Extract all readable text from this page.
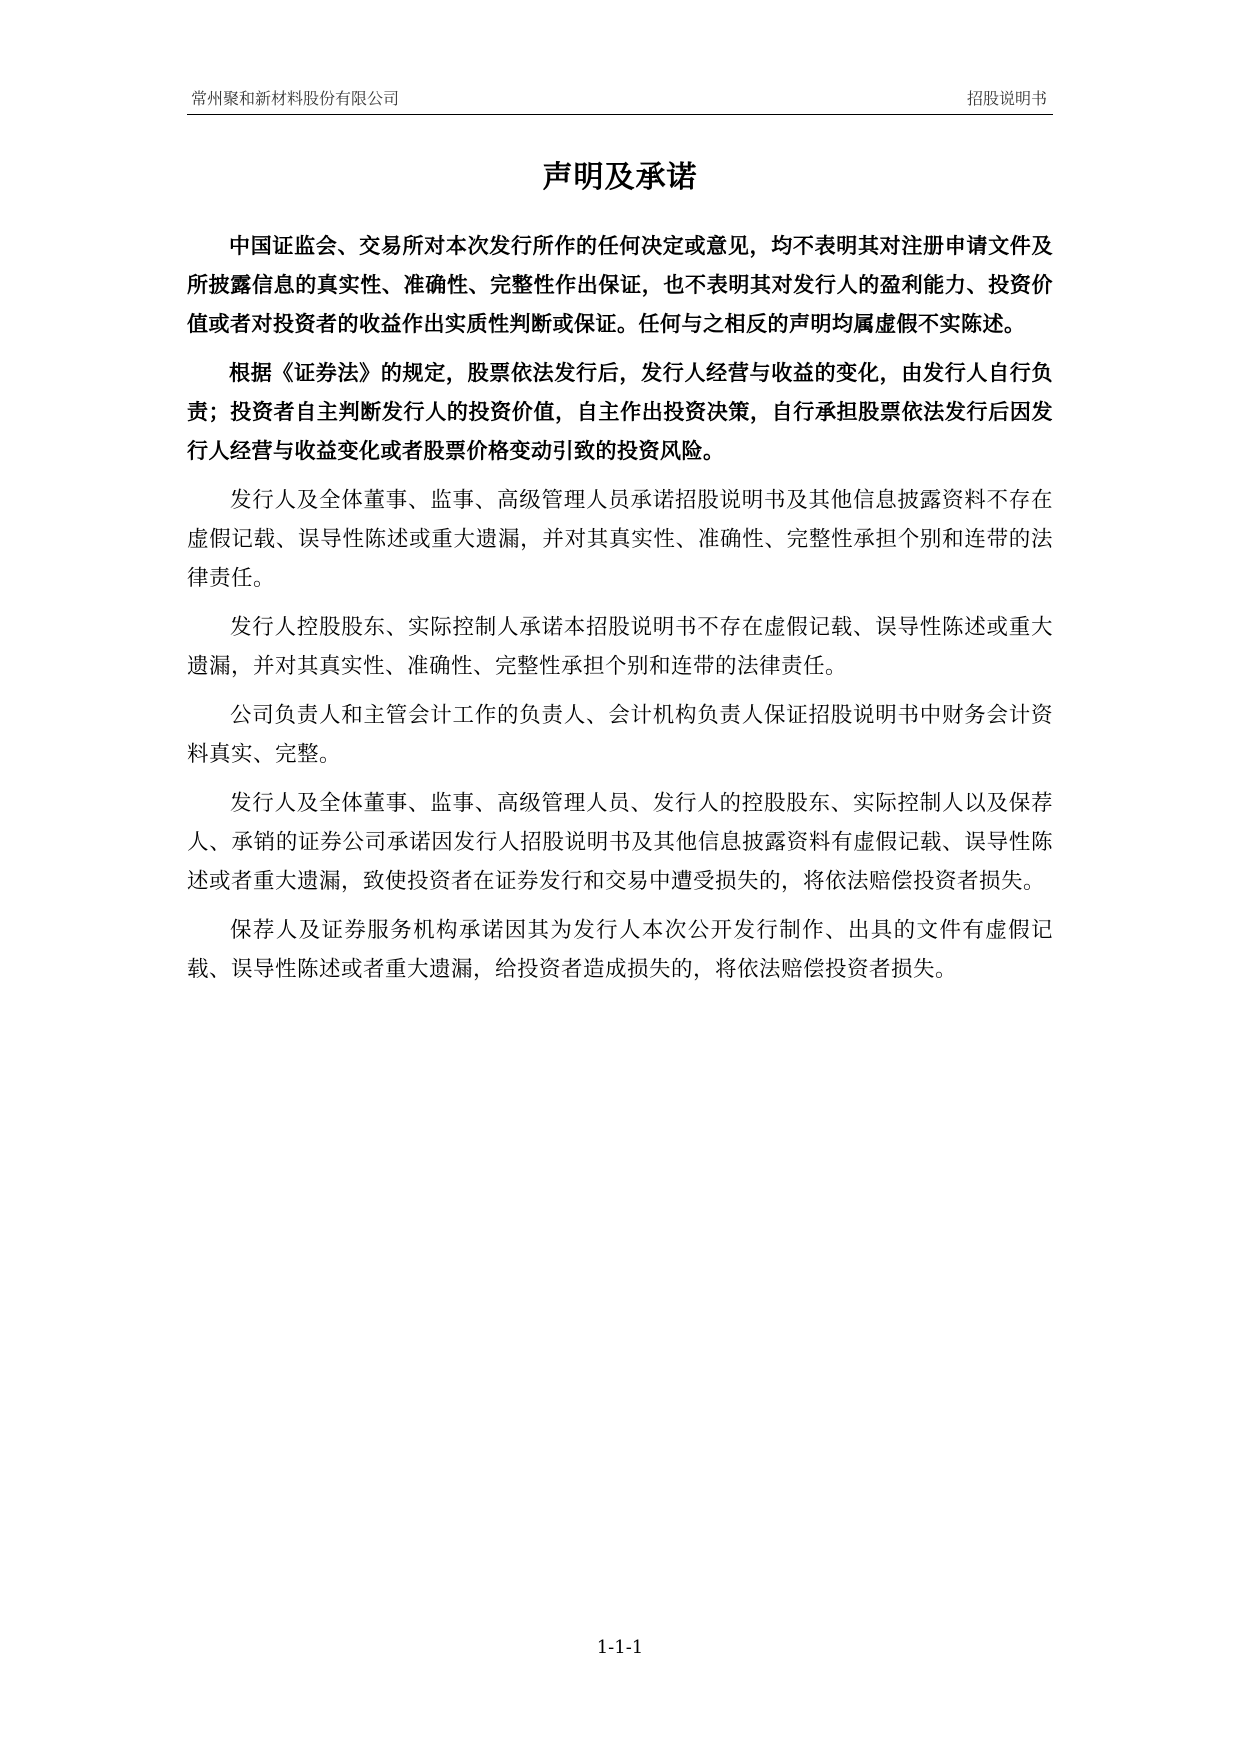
常州聚和新材料股份有限公司	招股说明书
声明及承诺

中国证监会、交易所对本次发行所作的任何决定或意见，均不表明其对注册申请文件及所披露信息的真实性、准确性、完整性作出保证，也不表明其对发行人的盈利能力、投资价值或者对投资者的收益作出实质性判断或保证。任何与之相反的声明均属虚假不实陈述。

根据《证券法》的规定，股票依法发行后，发行人经营与收益的变化，由发行人自行负责；投资者自主判断发行人的投资价值，自主作出投资决策，自行承担股票依法发行后因发行人经营与收益变化或者股票价格变动引致的投资风险。

发行人及全体董事、监事、高级管理人员承诺招股说明书及其他信息披露资料不存在虚假记载、误导性陈述或重大遗漏，并对其真实性、准确性、完整性承担个别和连带的法律责任。

发行人控股股东、实际控制人承诺本招股说明书不存在虚假记载、误导性陈述或重大遗漏，并对其真实性、准确性、完整性承担个别和连带的法律责任。

公司负责人和主管会计工作的负责人、会计机构负责人保证招股说明书中财务会计资料真实、完整。

发行人及全体董事、监事、高级管理人员、发行人的控股股东、实际控制人以及保荐人、承销的证券公司承诺因发行人招股说明书及其他信息披露资料有虚假记载、误导性陈述或者重大遗漏，致使投资者在证券发行和交易中遭受损失的，将依法赔偿投资者损失。

保荐人及证券服务机构承诺因其为发行人本次公开发行制作、出具的文件有虚假记载、误导性陈述或者重大遗漏，给投资者造成损失的，将依法赔偿投资者损失。

1-1-1
